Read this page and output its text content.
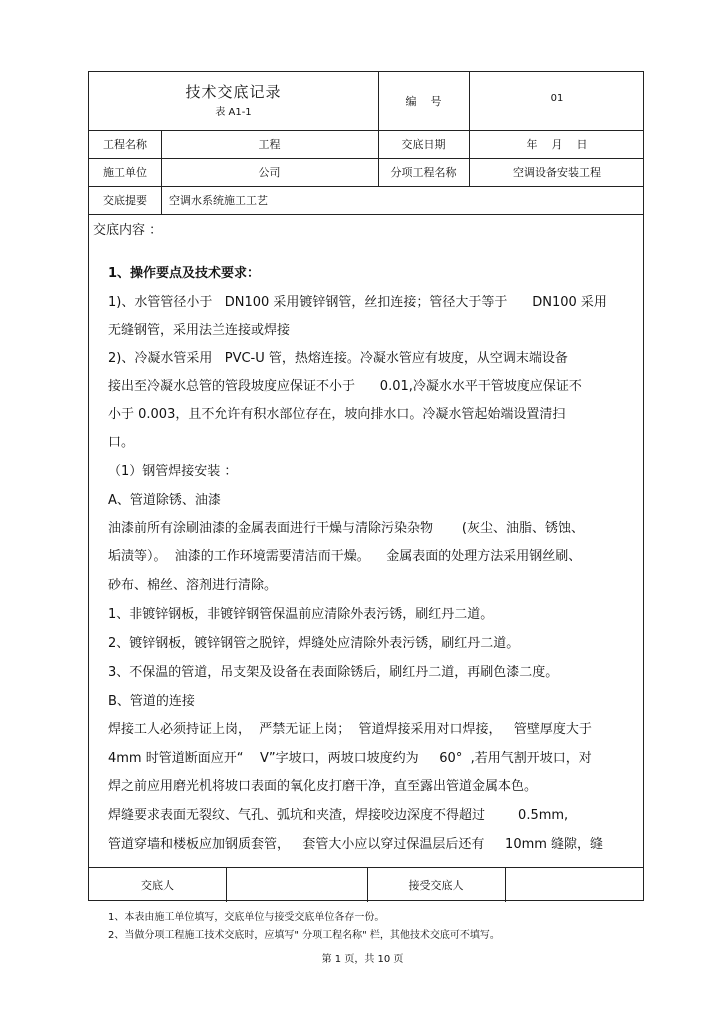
技术交底记录
表 A1-1
编    号	01
工程名称	工程	交底日期	年    月    日
施工单位	公司	分项工程名称	空调设备安装工程
交底提要	空调水系统施工工艺
交底内容 ：
1、操作要点及技术要求：
1)、水管管径小于   DN100 采用镀锌钢管，丝扣连接；管径大于等于      DN100 采用
无缝钢管，采用法兰连接或焊接
2)、冷凝水管采用   PVC-U 管，热熔连接。冷凝水管应有坡度，从空调末端设备
接出至冷凝水总管的管段坡度应保证不小于      0.01,冷凝水水平干管坡度应保证不
小于 0.003，且不允许有积水部位存在，坡向排水口。冷凝水管起始端设置清扫
口。
（1）钢管焊接安装 ：
A、管道除锈、油漆
油漆前所有涂刷油漆的金属表面进行干燥与清除污染杂物       (灰尘、油脂、锈蚀、
垢渍等）。  油漆的工作环境需要清洁而干燥。    金属表面的处理方法采用钢丝刷、
砂布、棉丝、溶剂进行清除。
1、非镀锌钢板，非镀锌钢管保温前应清除外表污锈，刷红丹二道。
2、镀锌钢板，镀锌钢管之脱锌，焊缝处应清除外表污锈，刷红丹二道。
3、不保温的管道，吊支架及设备在表面除锈后，刷红丹二道，再刷色漆二度。
B、管道的连接
焊接工人必须持证上岗，  严禁无证上岗；  管道焊接采用对口焊接，   管壁厚度大于
4mm 时管道断面应开“    V”字坡口，两坡口坡度约为     60°  ,若用气割开坡口，对
焊之前应用磨光机将坡口表面的氧化皮打磨干净，直至露出管道金属本色。
焊缝要求表面无裂纹、气孔、弧坑和夹渣，焊接咬边深度不得超过        0.5mm,
管道穿墙和楼板应加钢质套管，   套管大小应以穿过保温层后还有     10mm 缝隙，缝
交底人	接受交底人
1、本表由施工单位填写，交底单位与接受交底单位各存一份。
2、当做分项工程施工技术交底时，应填写" 分项工程名称" 栏，其他技术交底可不填写。
第 1 页，共 10 页
